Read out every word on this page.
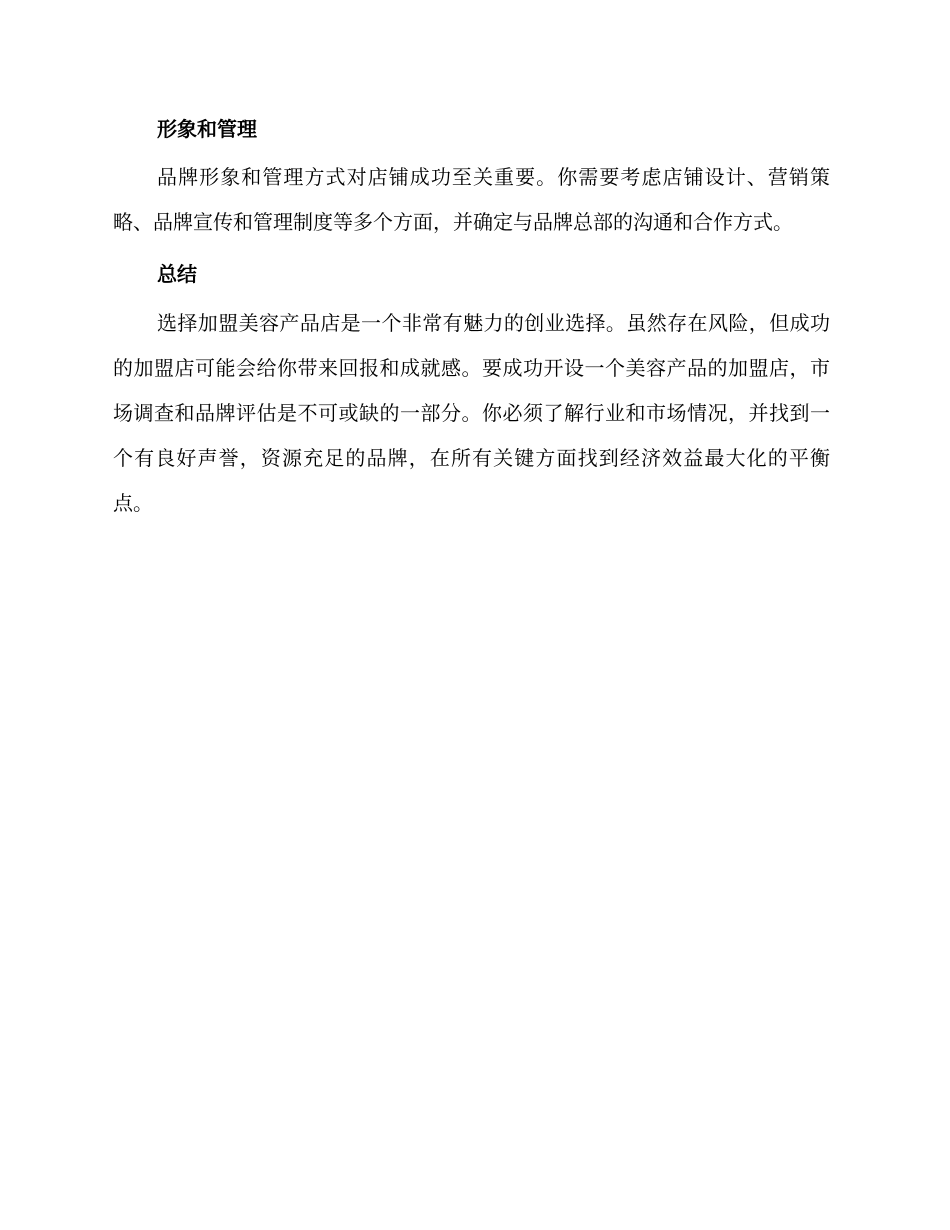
形象和管理

品牌形象和管理方式对店铺成功至关重要。你需要考虑店铺设计、营销策略、品牌宣传和管理制度等多个方面，并确定与品牌总部的沟通和合作方式。

总结

选择加盟美容产品店是一个非常有魅力的创业选择。虽然存在风险，但成功的加盟店可能会给你带来回报和成就感。要成功开设一个美容产品的加盟店，市场调查和品牌评估是不可或缺的一部分。你必须了解行业和市场情况，并找到一个有良好声誉，资源充足的品牌，在所有关键方面找到经济效益最大化的平衡点。
